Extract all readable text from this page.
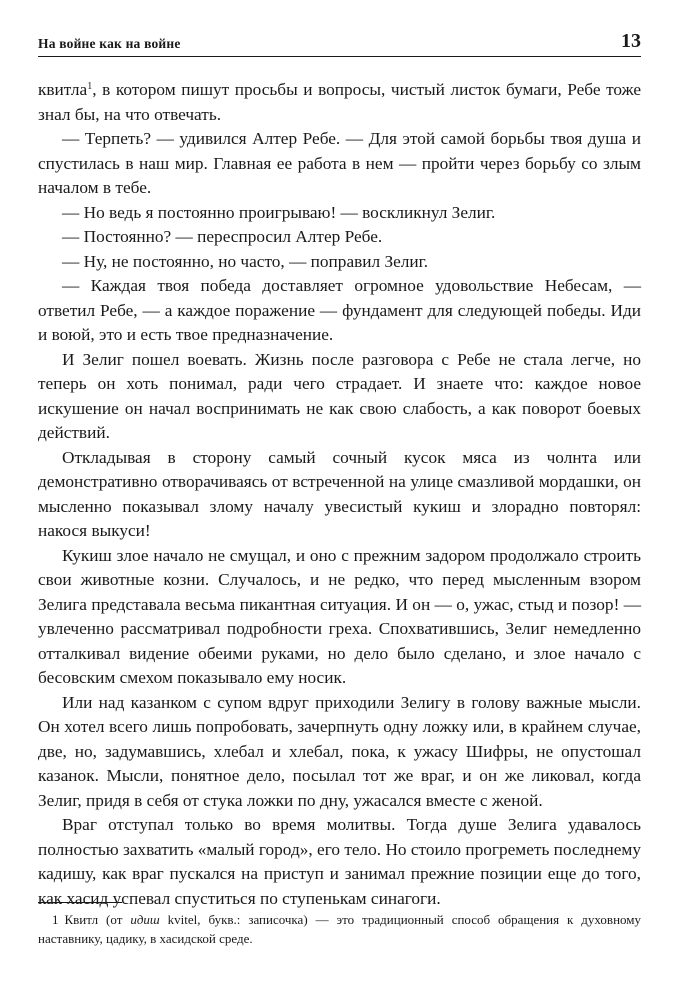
На войне как на войне	13

квитла$^1$, в котором пишут просьбы и вопросы, чистый листок бумаги, Ребе тоже знал бы, на что отвечать.

— Терпеть? — удивился Алтер Ребе. — Для этой самой борьбы твоя душа и спустилась в наш мир. Главная ее работа в нем — пройти через борьбу со злым началом в тебе.

— Но ведь я постоянно проигрываю! — воскликнул Зелиг.

— Постоянно? — переспросил Алтер Ребе.

— Ну, не постоянно, но часто, — поправил Зелиг.

— Каждая твоя победа доставляет огромное удовольствие Небесам, — ответил Ребе, — а каждое поражение — фундамент для следующей победы. Иди и воюй, это и есть твое предназначение.

И Зелиг пошел воевать. Жизнь после разговора с Ребе не стала легче, но теперь он хоть понимал, ради чего страдает. И знаете что: каждое новое искушение он начал воспринимать не как свою слабость, а как поворот боевых действий.

Откладывая в сторону самый сочный кусок мяса из чолнта или демонстративно отворачиваясь от встреченной на улице смазливой мордашки, он мысленно показывал злому началу увесистый кукиш и злорадно повторял: накося выкуси!

Кукиш злое начало не смущал, и оно с прежним задором продолжало строить свои животные козни. Случалось, и не редко, что перед мысленным взором Зелига представала весьма пикантная ситуация. И он — о, ужас, стыд и позор! — увлеченно рассматривал подробности греха. Спохватившись, Зелиг немедленно отталкивал видение обеими руками, но дело было сделано, и злое начало с бесовским смехом показывало ему носик.

Или над казанком с супом вдруг приходили Зелигу в голову важные мысли. Он хотел всего лишь попробовать, зачерпнуть одну ложку или, в крайнем случае, две, но, задумавшись, хлебал и хлебал, пока, к ужасу Шифры, не опустошал казанок. Мысли, понятное дело, посылал тот же враг, и он же ликовал, когда Зелиг, придя в себя от стука ложки по дну, ужасался вместе с женой.

Враг отступал только во время молитвы. Тогда душе Зелига удавалось полностью захватить «малый город», его тело. Но стоило прогреметь последнему кадишу, как враг пускался на приступ и занимал прежние позиции еще до того, как хасид успевал спуститься по ступенькам синагоги.

1 Квитл (от идиш kvitel, букв.: записочка) — это традиционный способ обращения к духовному наставнику, цадику, в хасидской среде.
